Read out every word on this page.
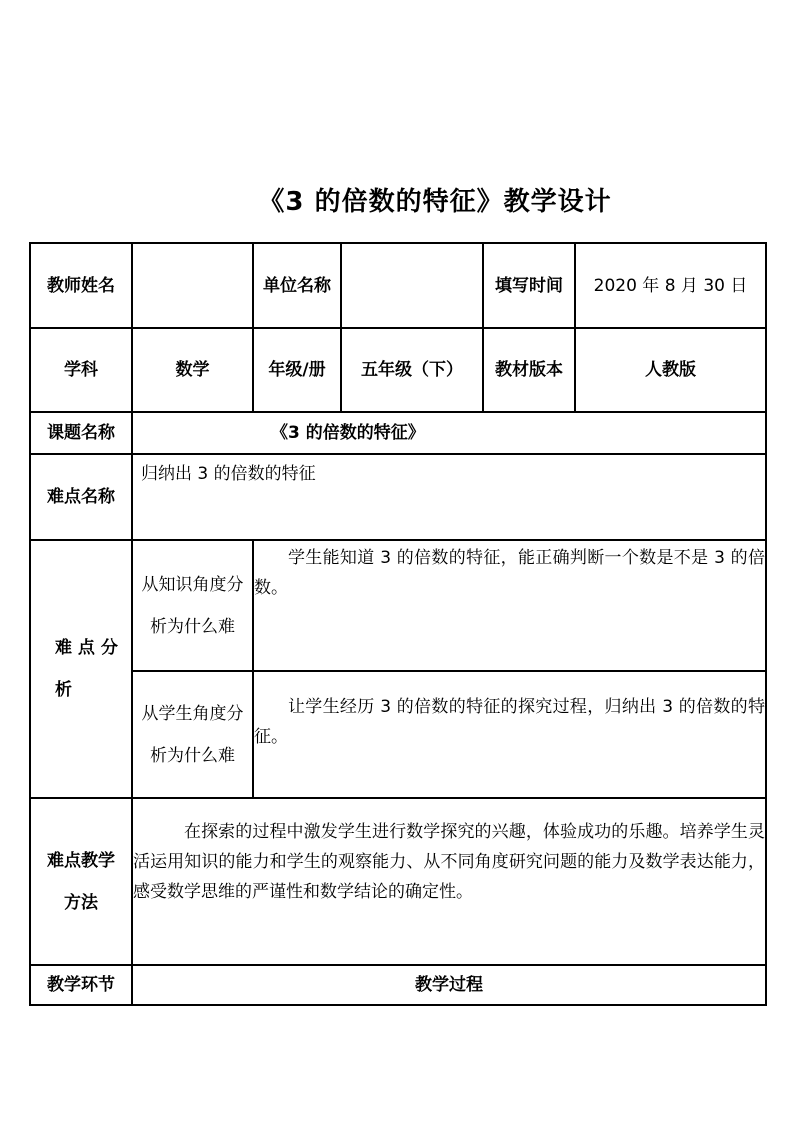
《3 的倍数的特征》教学设计
教师姓名		单位名称		填写时间	2020 年 8 月 30 日
学科	数学	年级/册	五年级（下）	教材版本	人教版
课题名称	《3 的倍数的特征》				
难点名称	归纳出 3 的倍数的特征				

难 点 分 析	从知识角度分析为什么难	学生能知道 3 的倍数的特征，能正确判断一个数是不是 3 的倍数。			
	从学生角度分析为什么难	让学生经历 3 的倍数的特征的探究过程，归纳出 3 的倍数的特征。			
难点教学方法	在探索的过程中激发学生进行数学探究的兴趣，体验成功的乐趣。培养学生灵活运用知识的能力和学生的观察能力、从不同角度研究问题的能力及数学表达能力，感受数学思维的严谨性和数学结论的确定性。				
教学环节	教学过程				
